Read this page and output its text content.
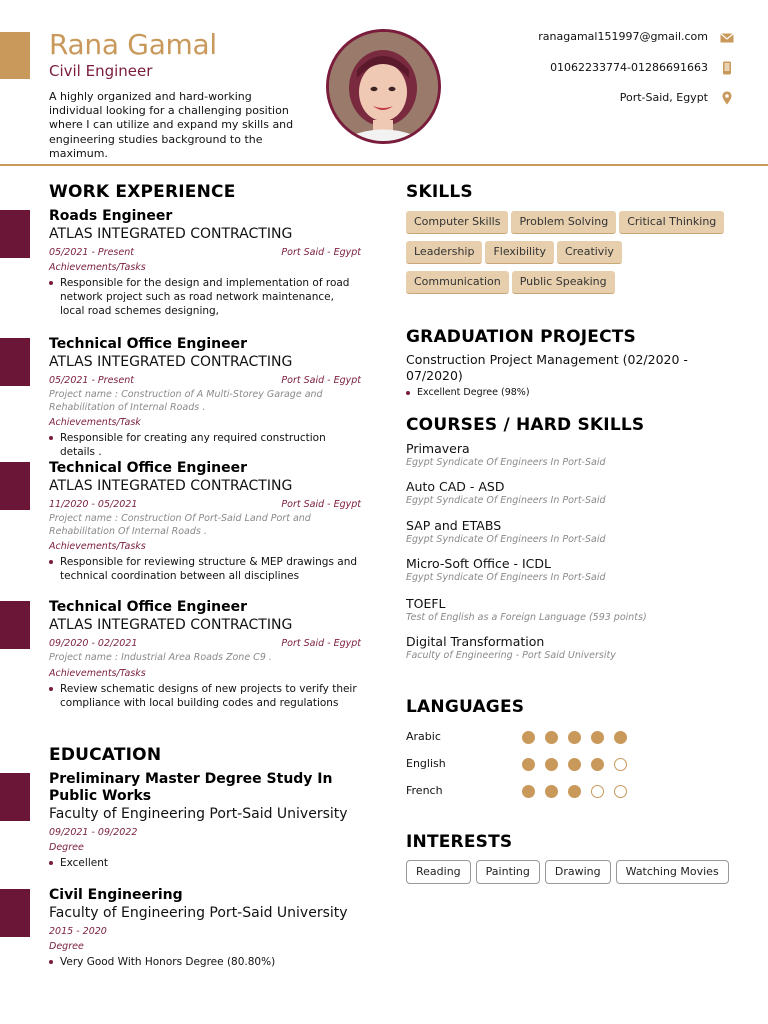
Rana Gamal
Civil Engineer
A highly organized and hard-working individual looking for a challenging position where I can utilize and expand my skills and engineering studies background to the maximum.
ranagamal151997@gmail.com
01062233774-01286691663
Port-Said, Egypt
WORK EXPERIENCE
Roads Engineer
ATLAS INTEGRATED CONTRACTING
05/2021 - Present	Port Said - Egypt
Achievements/Tasks
Responsible for the design and implementation of road network project such as road network maintenance, local road schemes designing,
Technical Office Engineer
ATLAS INTEGRATED CONTRACTING
05/2021 - Present	Port Said - Egypt
Project name : Construction of A Multi-Storey Garage and Rehabilitation of Internal Roads .
Achievements/Task
Responsible for creating any required construction details .
Technical Office Engineer
ATLAS INTEGRATED CONTRACTING
11/2020 - 05/2021	Port Said - Egypt
Project name : Construction Of Port-Said Land Port and Rehabilitation Of Internal Roads .
Achievements/Tasks
Responsible for reviewing structure & MEP drawings and technical coordination between all disciplines
Technical Office Engineer
ATLAS INTEGRATED CONTRACTING
09/2020 - 02/2021	Port Said - Egypt
Project name : Industrial Area Roads Zone C9 .
Achievements/Tasks
Review schematic designs of new projects to verify their compliance with local building codes and regulations
EDUCATION
Preliminary Master Degree Study In Public Works
Faculty of Engineering Port-Said University
09/2021 - 09/2022
Degree
Excellent
Civil Engineering
Faculty of Engineering Port-Said University
2015 - 2020
Degree
Very Good With Honors Degree (80.80%)
SKILLS
Computer Skills Problem Solving Critical Thinking
Leadership Flexibility Creativiy
Communication Public Speaking
GRADUATION PROJECTS
Construction Project Management (02/2020 - 07/2020)
Excellent Degree (98%)
COURSES / HARD SKILLS
Primavera
Egypt Syndicate Of Engineers In Port-Said
Auto CAD - ASD
Egypt Syndicate Of Engineers In Port-Said
SAP and ETABS
Egypt Syndicate Of Engineers In Port-Said
Micro-Soft Office - ICDL
Egypt Syndicate Of Engineers In Port-Said
TOEFL
Test of English as a Foreign Language (593 points)
Digital Transformation
Faculty of Engineering - Port Said University
LANGUAGES
Arabic
English
French
INTERESTS
Reading Painting Drawing Watching Movies
